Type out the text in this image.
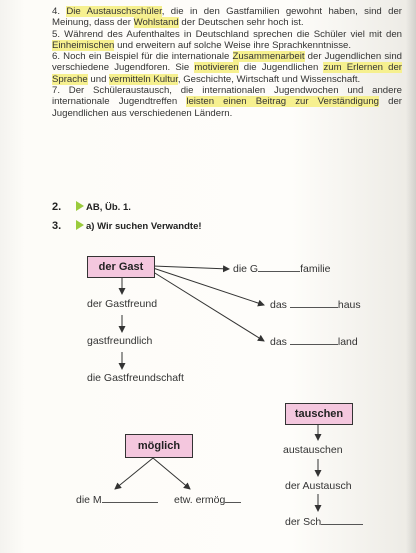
4. Die Austauschschüler, die in den Gastfamilien gewohnt haben, sind der Meinung, dass der Wohlstand der Deutschen sehr hoch ist.

5. Während des Aufenthaltes in Deutschland sprechen die Schüler viel mit den Einheimischen und erweitern auf solche Weise ihre Sprachkenntnisse.

6. Noch ein Beispiel für die internationale Zusammenarbeit der Jugendlichen sind verschiedene Jugendforen. Sie motivieren die Jugendlichen zum Erlernen der Sprache und vermitteln Kultur, Geschichte, Wirtschaft und Wissenschaft.

7. Der Schüleraustausch, die internationalen Jugendwochen und andere internationale Jugendtreffen leisten einen Beitrag zur Verständigung der Jugendlichen aus verschiedenen Ländern.

2.	AB, Üb. 1.
3.	a) Wir suchen Verwandte!
der Gast	die G	familie
der Gastfreund	das	haus
gastfreundlich	das	land
die Gastfreundschaft
tauschen
austauschen
der Austausch
der Sch
möglich
die M	etw. ermög
